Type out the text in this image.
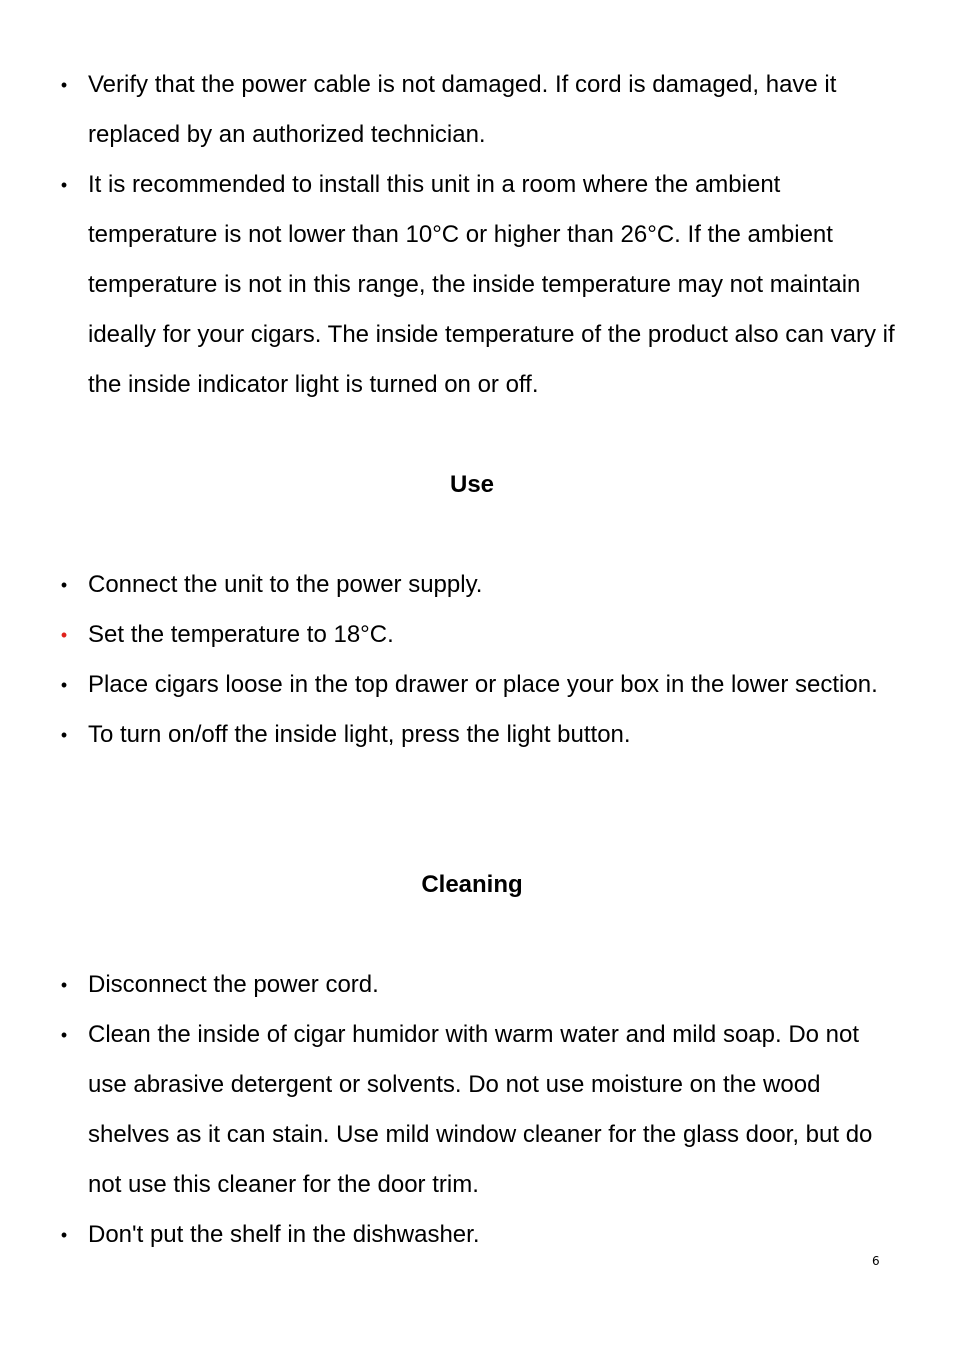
• Verify that the power cable is not damaged. If cord is damaged, have it replaced by an authorized technician.
• It is recommended to install this unit in a room where the ambient temperature is not lower than 10°C or higher than 26°C. If the ambient temperature is not in this range, the inside temperature may not maintain ideally for your cigars. The inside temperature of the product also can vary if the inside indicator light is turned on or off.
Use
• Connect the unit to the power supply.
• Set the temperature to 18°C.
• Place cigars loose in the top drawer or place your box in the lower section.
• To turn on/off the inside light, press the light button.
Cleaning
• Disconnect the power cord.
• Clean the inside of cigar humidor with warm water and mild soap. Do not use abrasive detergent or solvents. Do not use moisture on the wood shelves as it can stain. Use mild window cleaner for the glass door, but do not use this cleaner for the door trim.
• Don't put the shelf in the dishwasher.
6
